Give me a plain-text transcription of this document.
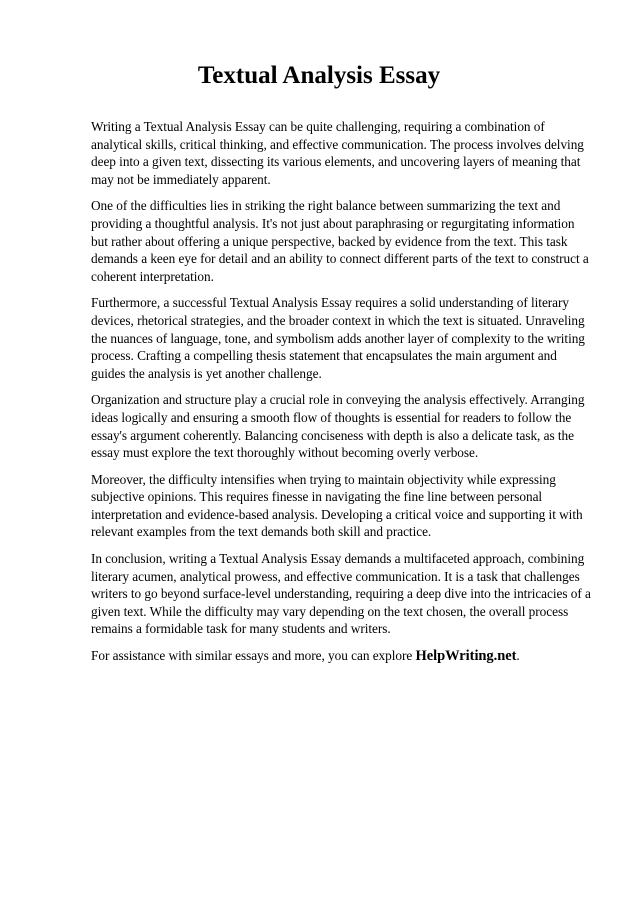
Textual Analysis Essay

Writing a Textual Analysis Essay can be quite challenging, requiring a combination of analytical skills, critical thinking, and effective communication. The process involves delving deep into a given text, dissecting its various elements, and uncovering layers of meaning that may not be immediately apparent.

One of the difficulties lies in striking the right balance between summarizing the text and providing a thoughtful analysis. It's not just about paraphrasing or regurgitating information but rather about offering a unique perspective, backed by evidence from the text. This task demands a keen eye for detail and an ability to connect different parts of the text to construct a coherent interpretation.

Furthermore, a successful Textual Analysis Essay requires a solid understanding of literary devices, rhetorical strategies, and the broader context in which the text is situated. Unraveling the nuances of language, tone, and symbolism adds another layer of complexity to the writing process. Crafting a compelling thesis statement that encapsulates the main argument and guides the analysis is yet another challenge.

Organization and structure play a crucial role in conveying the analysis effectively. Arranging ideas logically and ensuring a smooth flow of thoughts is essential for readers to follow the essay's argument coherently. Balancing conciseness with depth is also a delicate task, as the essay must explore the text thoroughly without becoming overly verbose.

Moreover, the difficulty intensifies when trying to maintain objectivity while expressing subjective opinions. This requires finesse in navigating the fine line between personal interpretation and evidence-based analysis. Developing a critical voice and supporting it with relevant examples from the text demands both skill and practice.

In conclusion, writing a Textual Analysis Essay demands a multifaceted approach, combining literary acumen, analytical prowess, and effective communication. It is a task that challenges writers to go beyond surface-level understanding, requiring a deep dive into the intricacies of a given text. While the difficulty may vary depending on the text chosen, the overall process remains a formidable task for many students and writers.

For assistance with similar essays and more, you can explore HelpWriting.net.
